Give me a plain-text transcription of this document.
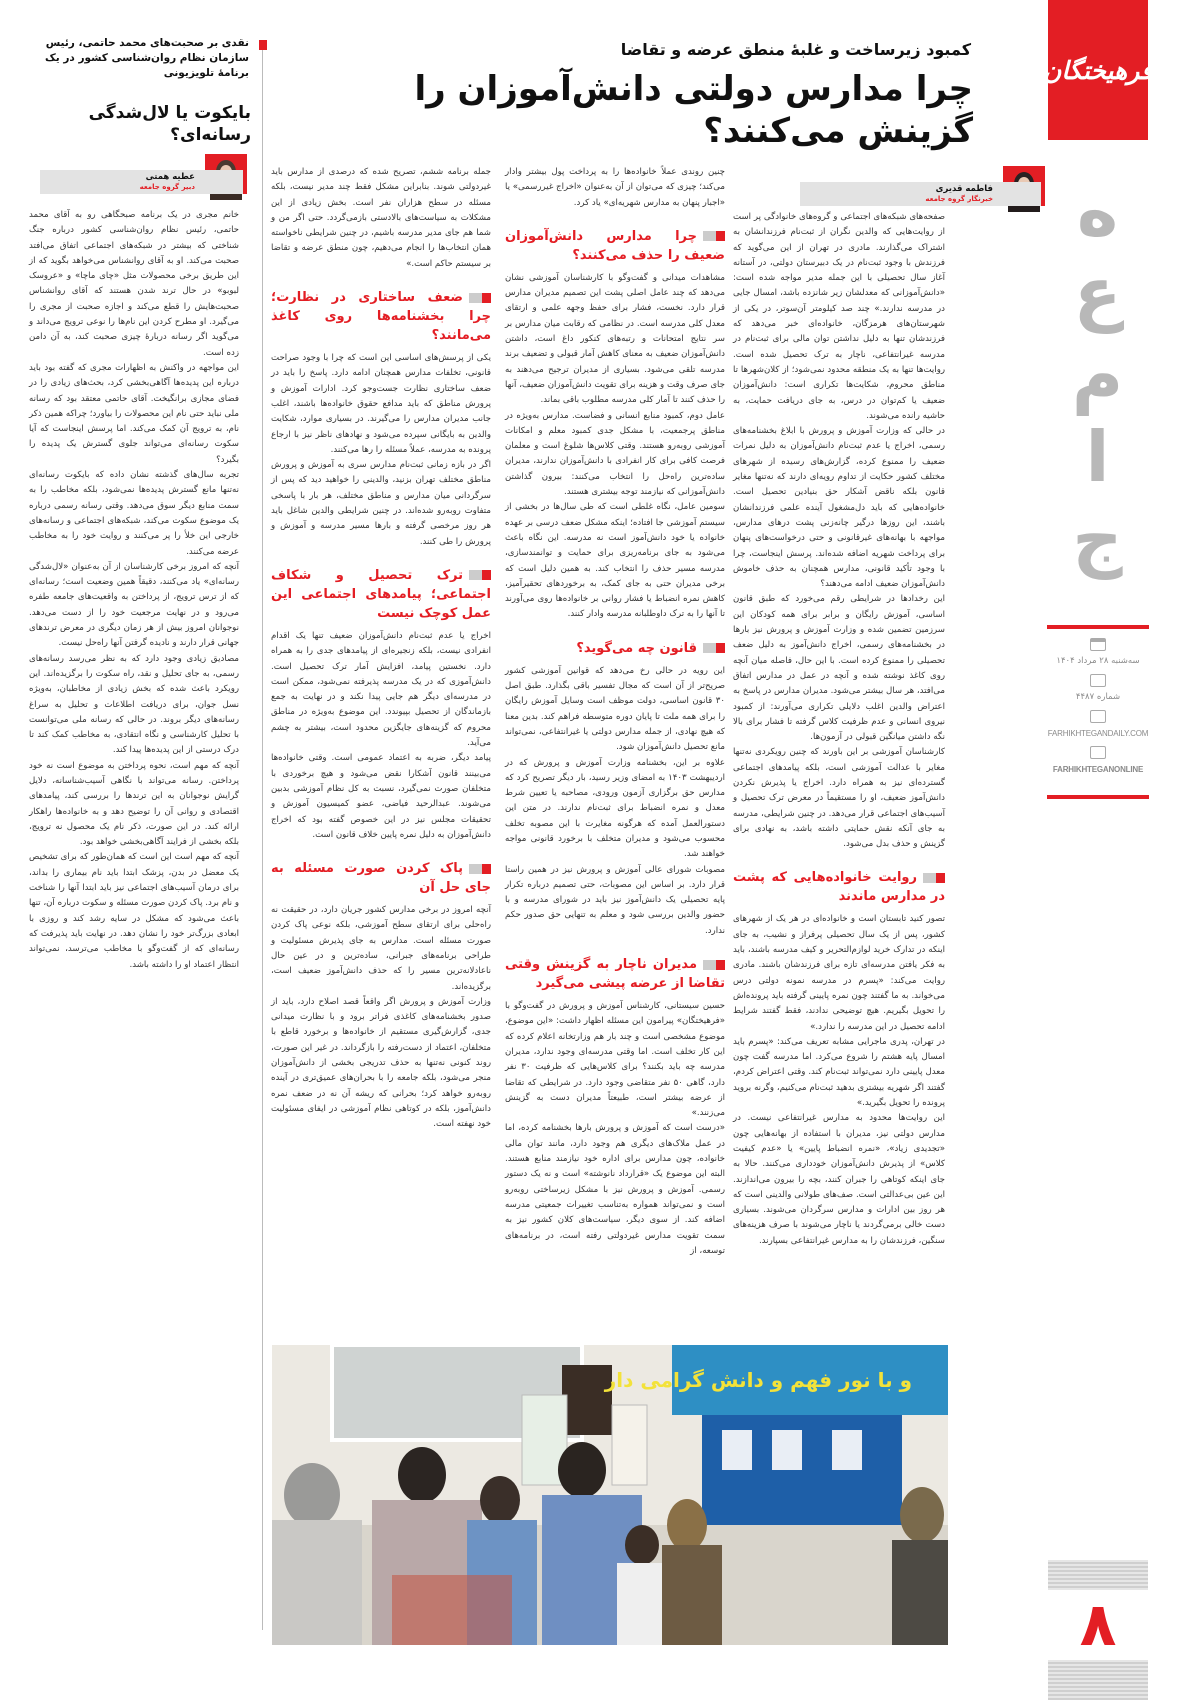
فرهیختگان
جامعه
سه‌شنبه ۲۸ مرداد ۱۴۰۴
شماره ۴۴۸۷
FARHIKHTEGANDAILY.COM
FARHIKHTEGANONLINE
۸
کمبود زیرساخت و غلبهٔ منطق عرضه و تقاضا
چرا مدارس دولتی دانش‌آموزان را گزینش می‌کنند؟
فاطمه قدیری
خبرنگار گروه جامعه

صفحه‌های شبکه‌های اجتماعی و گروه‌های خانوادگی پر است از روایت‌هایی که والدین نگران از ثبت‌نام فرزندانشان به اشتراک می‌گذارند. مادری در تهران از این می‌گوید که فرزندش با وجود ثبت‌نام در یک دبیرستان دولتی، در آستانه آغاز سال تحصیلی با این جمله مدیر مواجه شده است: «دانش‌آموزانی که معدلشان زیر شانزده باشد، امسال جایی در مدرسه ندارند.» چند صد کیلومتر آن‌سوتر، در یکی از شهرستان‌های هرمزگان، خانواده‌ای خبر می‌دهد که فرزندشان تنها به دلیل نداشتن توان مالی برای ثبت‌نام در مدرسه غیرانتفاعی، ناچار به ترک تحصیل شده است. روایت‌ها تنها به یک منطقه محدود نمی‌شود؛ از کلان‌شهرها تا مناطق محروم، شکایت‌ها تکراری است: دانش‌آموزان ضعیف یا کم‌توان در درس، به جای دریافت حمایت، به حاشیه رانده می‌شوند.

در حالی که وزارت آموزش و پرورش با ابلاغ بخشنامه‌های رسمی، اخراج یا عدم ثبت‌نام دانش‌آموزان به دلیل نمرات ضعیف را ممنوع کرده، گزارش‌های رسیده از شهرهای مختلف کشور حکایت از تداوم رویه‌ای دارند که نه‌تنها مغایر قانون بلکه ناقض آشکار حق بنیادین تحصیل است. خانواده‌هایی که باید دل‌مشغول آینده علمی فرزندانشان باشند، این روزها درگیر چانه‌زنی پشت درهای مدارس، مواجهه با بهانه‌های غیرقانونی و حتی درخواست‌های پنهان برای پرداخت شهریه اضافه شده‌اند. پرسش اینجاست، چرا با وجود تأکید قانونی، مدارس همچنان به حذف خاموش دانش‌آموزان ضعیف ادامه می‌دهند؟

این رخدادها در شرایطی رقم می‌خورد که طبق قانون اساسی، آموزش رایگان و برابر برای همه کودکان این سرزمین تضمین شده و وزارت آموزش و پرورش نیز بارها در بخشنامه‌های رسمی، اخراج دانش‌آموز به دلیل ضعف تحصیلی را ممنوع کرده است. با این حال، فاصله میان آنچه روی کاغذ نوشته شده و آنچه در عمل در مدارس اتفاق می‌افتد، هر سال بیشتر می‌شود. مدیران مدارس در پاسخ به اعتراض والدین اغلب دلایلی تکراری می‌آورند: از کمبود نیروی انسانی و عدم ظرفیت کلاس گرفته تا فشار برای بالا نگه داشتن میانگین قبولی در آزمون‌ها.

کارشناسان آموزشی بر این باورند که چنین رویکردی نه‌تنها مغایر با عدالت آموزشی است، بلکه پیامدهای اجتماعی گسترده‌ای نیز به همراه دارد. اخراج یا پذیرش نکردن دانش‌آموز ضعیف، او را مستقیماً در معرض ترک تحصیل و آسیب‌های اجتماعی قرار می‌دهد. در چنین شرایطی، مدرسه به جای آنکه نقش حمایتی داشته باشد، به نهادی برای گزینش و حذف بدل می‌شود.

روایت خانواده‌هایی که پشت در مدارس ماندند

تصور کنید تابستان است و خانواده‌ای در هر یک از شهرهای کشور، پس از یک سال تحصیلی پرفراز و نشیب، به جای اینکه در تدارک خرید لوازم‌التحریر و کیف مدرسه باشند، باید به فکر یافتن مدرسه‌ای تازه برای فرزندشان باشند. مادری روایت می‌کند: «پسرم در مدرسه نمونه دولتی درس می‌خواند. به ما گفتند چون نمره پایینی گرفته باید پرونده‌اش را تحویل بگیریم. هیچ توضیحی ندادند، فقط گفتند شرایط ادامه تحصیل در این مدرسه را ندارد.»

در تهران، پدری ماجرایی مشابه تعریف می‌کند: «پسرم باید امسال پایه هشتم را شروع می‌کرد. اما مدرسه گفت چون معدل پایینی دارد نمی‌تواند ثبت‌نام کند. وقتی اعتراض کردم، گفتند اگر شهریه بیشتری بدهید ثبت‌نام می‌کنیم، وگرنه بروید پرونده را تحویل بگیرید.»

این روایت‌ها محدود به مدارس غیرانتفاعی نیست. در مدارس دولتی نیز، مدیران با استفاده از بهانه‌هایی چون «تجدیدی زیاد»، «نمره انضباط پایین» یا «عدم کیفیت کلاس» از پذیرش دانش‌آموزان خودداری می‌کنند. حالا به جای اینکه کوتاهی را جبران کنند، بچه را بیرون می‌اندازند. این عین بی‌عدالتی است. صف‌های طولانی والدینی است که هر روز بین ادارات و مدارس سرگردان می‌شوند. بسیاری دست خالی برمی‌گردند یا ناچار می‌شوند با صرف هزینه‌های سنگین، فرزندشان را به مدارس غیرانتفاعی بسپارند.

چنین روندی عملاً خانواده‌ها را به پرداخت پول بیشتر وادار می‌کند؛ چیزی که می‌توان از آن به‌عنوان «اخراج غیررسمی» یا «اجبار پنهان به مدارس شهریه‌ای» یاد کرد.

چرا مدارس دانش‌آموزان ضعیف را حذف می‌کنند؟

مشاهدات میدانی و گفت‌وگو با کارشناسان آموزشی نشان می‌دهد که چند عامل اصلی پشت این تصمیم مدیران مدارس قرار دارد. نخست، فشار برای حفظ وجهه علمی و ارتقای معدل کلی مدرسه است. در نظامی که رقابت میان مدارس بر سر نتایج امتحانات و رتبه‌های کنکور داغ است، داشتن دانش‌آموزان ضعیف به معنای کاهش آمار قبولی و تضعیف برند مدرسه تلقی می‌شود. بسیاری از مدیران ترجیح می‌دهند به جای صرف وقت و هزینه برای تقویت دانش‌آموزان ضعیف، آنها را حذف کنند تا آمار کلی مدرسه مطلوب باقی بماند.

عامل دوم، کمبود منابع انسانی و فضاست. مدارس به‌ویژه در مناطق پرجمعیت، با مشکل جدی کمبود معلم و امکانات آموزشی روبه‌رو هستند. وقتی کلاس‌ها شلوغ است و معلمان فرصت کافی برای کار انفرادی با دانش‌آموزان ندارند، مدیران ساده‌ترین راه‌حل را انتخاب می‌کنند: بیرون گذاشتن دانش‌آموزانی که نیازمند توجه بیشتری هستند.

سومین عامل، نگاه غلطی است که طی سال‌ها در بخشی از سیستم آموزشی جا افتاده؛ اینکه مشکل ضعف درسی بر عهده خانواده یا خود دانش‌آموز است نه مدرسه. این نگاه باعث می‌شود به جای برنامه‌ریزی برای حمایت و توانمندسازی، مدرسه مسیر حذف را انتخاب کند. به همین دلیل است که برخی مدیران حتی به جای کمک، به برخوردهای تحقیرآمیز، کاهش نمره انضباط یا فشار روانی بر خانواده‌ها روی می‌آورند تا آنها را به ترک داوطلبانه مدرسه وادار کنند.

قانون چه می‌گوید؟

این رویه در حالی رخ می‌دهد که قوانین آموزشی کشور صریح‌تر از آن است که مجال تفسیر باقی بگذارد. طبق اصل ۳۰ قانون اساسی، دولت موظف است وسایل آموزش رایگان را برای همه ملت تا پایان دوره متوسطه فراهم کند. بدین معنا که هیچ نهادی، از جمله مدارس دولتی یا غیرانتفاعی، نمی‌تواند مانع تحصیل دانش‌آموزان شود.

علاوه بر این، بخشنامه وزارت آموزش و پرورش که در اردیبهشت ۱۴۰۳ به امضای وزیر رسید، بار دیگر تصریح کرد که مدارس حق برگزاری آزمون ورودی، مصاحبه یا تعیین شرط معدل و نمره انضباط برای ثبت‌نام ندارند. در متن این دستورالعمل آمده که هرگونه مغایرت با این مصوبه تخلف محسوب می‌شود و مدیران متخلف با برخورد قانونی مواجه خواهند شد.

مصوبات شورای عالی آموزش و پرورش نیز در همین راستا قرار دارد. بر اساس این مصوبات، حتی تصمیم درباره تکرار پایه تحصیلی یک دانش‌آموز نیز باید در شورای مدرسه و با حضور والدین بررسی شود و معلم به تنهایی حق صدور حکم ندارد.

مدیران ناچار به گزینش وقتی تقاضا از عرضه پیشی می‌گیرد

حسین سیستانی، کارشناس آموزش و پرورش در گفت‌وگو با «فرهیختگان» پیرامون این مسئله اظهار داشت: «این موضوع، موضوع مشخصی است و چند بار هم وزارتخانه اعلام کرده که این کار تخلف است. اما وقتی مدرسه‌ای وجود ندارد، مدیران مدرسه چه باید بکنند؟ برای کلاس‌هایی که ظرفیت ۳۰ نفر دارد، گاهی ۵۰ نفر متقاضی وجود دارد. در شرایطی که تقاضا از عرضه بیشتر است، طبیعتاً مدیران دست به گزینش می‌زنند.»

«درست است که آموزش و پرورش بارها بخشنامه کرده، اما در عمل ملاک‌های دیگری هم وجود دارد، مانند توان مالی خانواده، چون مدارس برای اداره خود نیازمند منابع هستند. البته این موضوع یک «قرارداد نانوشته» است و نه یک دستور رسمی. آموزش و پرورش نیز با مشکل زیرساختی روبه‌رو است و نمی‌تواند همواره به‌تناسب تغییرات جمعیتی مدرسه اضافه کند. از سوی دیگر، سیاست‌های کلان کشور نیز به سمت تقویت مدارس غیردولتی رفته است، در برنامه‌های توسعه، از

جمله برنامه ششم، تصریح شده که درصدی از مدارس باید غیردولتی شوند. بنابراین مشکل فقط چند مدیر نیست، بلکه مسئله در سطح هزاران نفر است. بخش زیادی از این مشکلات به سیاست‌های بالادستی بازمی‌گردد. حتی اگر من و شما هم جای مدیر مدرسه باشیم، در چنین شرایطی ناخواسته همان انتخاب‌ها را انجام می‌دهیم، چون منطق عرضه و تقاضا بر سیستم حاکم است.»

ضعف ساختاری در نظارت؛ چرا بخشنامه‌ها روی کاغذ می‌مانند؟

یکی از پرسش‌های اساسی این است که چرا با وجود صراحت قانونی، تخلفات مدارس همچنان ادامه دارد. پاسخ را باید در ضعف ساختاری نظارت جست‌وجو کرد. ادارات آموزش و پرورش مناطق که باید مدافع حقوق خانواده‌ها باشند، اغلب جانب مدیران مدارس را می‌گیرند. در بسیاری موارد، شکایت والدین به بایگانی سپرده می‌شود و نهادهای ناظر نیز با ارجاع پرونده به مدرسه، عملاً مسئله را رها می‌کنند.

اگر در بازه زمانی ثبت‌نام مدارس سری به آموزش و پرورش مناطق مختلف تهران بزنید، والدینی را خواهید دید که پس از سرگردانی میان مدارس و مناطق مختلف، هر بار با پاسخی متفاوت روبه‌رو شده‌اند. در چنین شرایطی والدین شاغل باید هر روز مرخصی گرفته و بارها مسیر مدرسه و آموزش و پرورش را طی کنند.

ترک تحصیل و شکاف اجتماعی؛ پیامدهای اجتماعی این عمل کوچک نیست

اخراج یا عدم ثبت‌نام دانش‌آموزان ضعیف تنها یک اقدام انفرادی نیست، بلکه زنجیره‌ای از پیامدهای جدی را به همراه دارد. نخستین پیامد، افزایش آمار ترک تحصیل است. دانش‌آموزی که در یک مدرسه پذیرفته نمی‌شود، ممکن است در مدرسه‌ای دیگر هم جایی پیدا نکند و در نهایت به جمع بازماندگان از تحصیل بپیوندد. این موضوع به‌ویژه در مناطق محروم که گزینه‌های جایگزین محدود است، بیشتر به چشم می‌آید.

پیامد دیگر، ضربه به اعتماد عمومی است. وقتی خانواده‌ها می‌بینند قانون آشکارا نقض می‌شود و هیچ برخوردی با متخلفان صورت نمی‌گیرد، نسبت به کل نظام آموزشی بدبین می‌شوند. عبدالرحید فیاضی، عضو کمیسیون آموزش و تحقیقات مجلس نیز در این خصوص گفته بود که اخراج دانش‌آموزان به دلیل نمره پایین خلاف قانون است.

پاک کردن صورت مسئله به جای حل آن

آنچه امروز در برخی مدارس کشور جریان دارد، در حقیقت نه راه‌حلی برای ارتقای سطح آموزشی، بلکه نوعی پاک کردن صورت مسئله است. مدارس به جای پذیرش مسئولیت و طراحی برنامه‌های جبرانی، ساده‌ترین و در عین حال ناعادلانه‌ترین مسیر را که حذف دانش‌آموز ضعیف است، برگزیده‌اند.

وزارت آموزش و پرورش اگر واقعاً قصد اصلاح دارد، باید از صدور بخشنامه‌های کاغذی فراتر برود و با نظارت میدانی جدی، گزارش‌گیری مستقیم از خانواده‌ها و برخورد قاطع با متخلفان، اعتماد از دست‌رفته را بازگرداند. در غیر این صورت، روند کنونی نه‌تنها به حذف تدریجی بخشی از دانش‌آموزان منجر می‌شود، بلکه جامعه را با بحران‌های عمیق‌تری در آینده روبه‌رو خواهد کرد؛ بحرانی که ریشه آن نه در ضعف نمره دانش‌آموز، بلکه در کوتاهی نظام آموزشی در ایفای مسئولیت خود نهفته است.

و با نور فهم و دانش گرامی دار
نقدی بر صحبت‌های محمد حاتمی، رئیس سازمان نظام روان‌شناسی کشور در یک برنامهٔ تلویزیونی
بایکوت یا لال‌شدگی رسانه‌ای؟
عطیه همتی
دبیر گروه جامعه

خانم مجری در یک برنامه صبحگاهی رو به آقای محمد حاتمی، رئیس نظام روان‌شناسی کشور درباره جنگ شناختی که بیشتر در شبکه‌های اجتماعی اتفاق می‌افتد صحبت می‌کند. او به آقای روانشناس می‌خواهد بگوید که از این طریق برخی محصولات مثل «چای ماچا» و «عروسک لبوبو» در حال ترند شدن هستند که آقای روانشناس صحبت‌هایش را قطع می‌کند و اجازه صحبت از مجری را می‌گیرد. او مطرح کردن این نام‌ها را نوعی ترویج می‌داند و می‌گوید اگر رسانه دربارهٔ چیزی صحبت کند، به آن دامن زده است.

این مواجهه در واکنش به اظهارات مجری که گفته بود باید درباره این پدیده‌ها آگاهی‌بخشی کرد، بحث‌های زیادی را در فضای مجازی برانگیخت. آقای حاتمی معتقد بود که رسانه ملی نباید حتی نام این محصولات را بیاورد؛ چراکه همین ذکر نام، به ترویج آن کمک می‌کند. اما پرسش اینجاست که آیا سکوت رسانه‌ای می‌تواند جلوی گسترش یک پدیده را بگیرد؟

تجربه سال‌های گذشته نشان داده که بایکوت رسانه‌ای نه‌تنها مانع گسترش پدیده‌ها نمی‌شود، بلکه مخاطب را به سمت منابع دیگر سوق می‌دهد. وقتی رسانه رسمی درباره یک موضوع سکوت می‌کند، شبکه‌های اجتماعی و رسانه‌های خارجی این خلأ را پر می‌کنند و روایت خود را به مخاطب عرضه می‌کنند.

آنچه که امروز برخی کارشناسان از آن به‌عنوان «لال‌شدگی رسانه‌ای» یاد می‌کنند، دقیقاً همین وضعیت است؛ رسانه‌ای که از ترس ترویج، از پرداختن به واقعیت‌های جامعه طفره می‌رود و در نهایت مرجعیت خود را از دست می‌دهد. نوجوانان امروز بیش از هر زمان دیگری در معرض ترندهای جهانی قرار دارند و نادیده گرفتن آنها راه‌حل نیست.

مصادیق زیادی وجود دارد که به نظر می‌رسد رسانه‌های رسمی، به جای تحلیل و نقد، راه سکوت را برگزیده‌اند. این رویکرد باعث شده که بخش زیادی از مخاطبان، به‌ویژه نسل جوان، برای دریافت اطلاعات و تحلیل به سراغ رسانه‌های دیگر بروند. در حالی که رسانه ملی می‌توانست با تحلیل کارشناسی و نگاه انتقادی، به مخاطب کمک کند تا درک درستی از این پدیده‌ها پیدا کند.

آنچه که مهم است، نحوه پرداختن به موضوع است نه خود پرداختن. رسانه می‌تواند با نگاهی آسیب‌شناسانه، دلایل گرایش نوجوانان به این ترندها را بررسی کند، پیامدهای اقتصادی و روانی آن را توضیح دهد و به خانواده‌ها راهکار ارائه کند. در این صورت، ذکر نام یک محصول نه ترویج، بلکه بخشی از فرایند آگاهی‌بخشی خواهد بود.

آنچه که مهم است این است که همان‌طور که برای تشخیص یک معضل در بدن، پزشک ابتدا باید نام بیماری را بداند، برای درمان آسیب‌های اجتماعی نیز باید ابتدا آنها را شناخت و نام برد. پاک کردن صورت مسئله و سکوت درباره آن، تنها باعث می‌شود که مشکل در سایه رشد کند و روزی با ابعادی بزرگ‌تر خود را نشان دهد. در نهایت باید پذیرفت که رسانه‌ای که از گفت‌وگو با مخاطب می‌ترسد، نمی‌تواند انتظار اعتماد او را داشته باشد.
